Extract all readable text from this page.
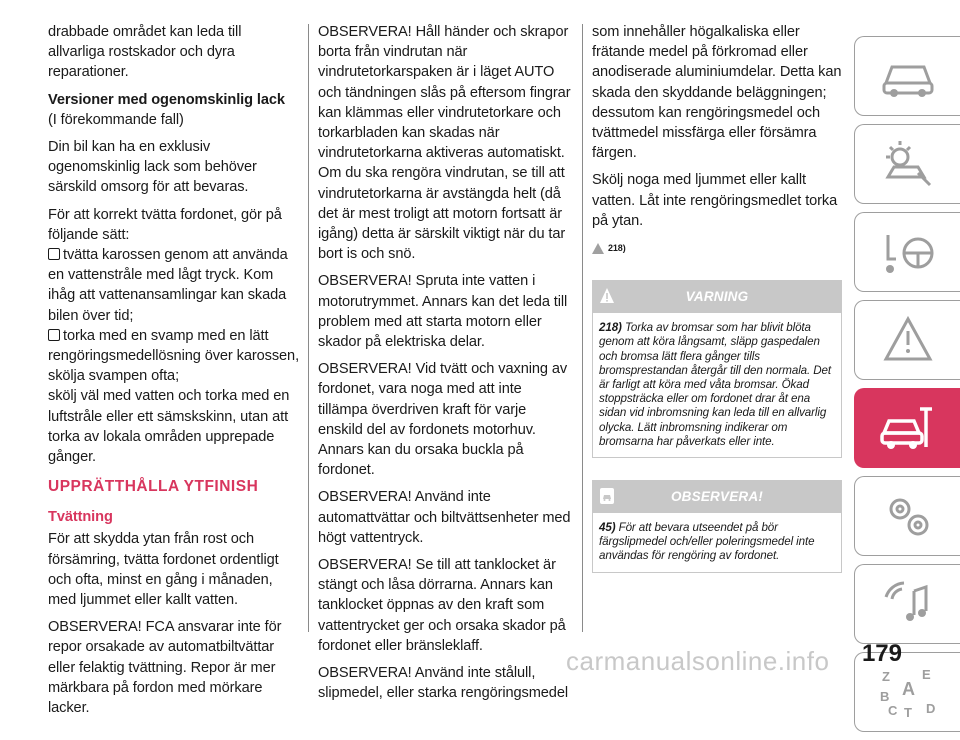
drabbade området kan leda till allvarliga rostskador och dyra reparationer.

Versioner med ogenomskinlig lack

(I förekommande fall)

Din bil kan ha en exklusiv ogenomskinlig lack som behöver särskild omsorg för att bevaras.

För att korrekt tvätta fordonet, gör på följande sätt:

tvätta karossen genom att använda en vattenstråle med lågt tryck. Kom ihåg att vattenansamlingar kan skada bilen över tid;

torka med en svamp med en lätt rengöringsmedellösning över karossen, skölja svampen ofta;

skölj väl med vatten och torka med en luftstråle eller ett sämskskinn, utan att torka av lokala områden upprepade gånger.

UPPRÄTTHÅLLA YTFINISH

Tvättning

För att skydda ytan från rost och försämring, tvätta fordonet ordentligt och ofta, minst en gång i månaden, med ljummet eller kallt vatten.

OBSERVERA! FCA ansvarar inte för repor orsakade av automatbiltvättar eller felaktig tvättning. Repor är mer märkbara på fordon med mörkare lacker.

OBSERVERA! Håll händer och skrapor borta från vindrutan när vindrutetorkarspaken är i läget AUTO och tändningen slås på eftersom fingrar kan klämmas eller vindrutetorkare och torkarbladen kan skadas när vindrutetorkarna aktiveras automatiskt. Om du ska rengöra vindrutan, se till att vindrutetorkarna är avstängda helt (då det är mest troligt att motorn fortsatt är igång) detta är särskilt viktigt när du tar bort is och snö.

OBSERVERA! Spruta inte vatten i motorutrymmet. Annars kan det leda till problem med att starta motorn eller skador på elektriska delar.

OBSERVERA! Vid tvätt och vaxning av fordonet, vara noga med att inte tillämpa överdriven kraft för varje enskild del av fordonets motorhuv. Annars kan du orsaka buckla på fordonet.

OBSERVERA! Använd inte automattvättar och biltvättsenheter med högt vattentryck.

OBSERVERA! Se till att tanklocket är stängt och låsa dörrarna. Annars kan tanklocket öppnas av den kraft som vattentrycket ger och orsaka skador på fordonet eller bränsleklaff.

OBSERVERA! Använd inte stålull, slipmedel, eller starka rengöringsmedel

som innehåller högalkaliska eller frätande medel på förkromad eller anodiserade aluminiumdelar. Detta kan skada den skyddande beläggningen; dessutom kan rengöringsmedel och tvättmedel missfärga eller försämra färgen.

Skölj noga med ljummet eller kallt vatten. Låt inte rengöringsmedlet torka på ytan.

218)

VARNING
218) Torka av bromsar som har blivit blöta genom att köra långsamt, släpp gaspedalen och bromsa lätt flera gånger tills bromsprestandan återgår till den normala. Det är farligt att köra med våta bromsar. Ökad stoppsträcka eller om fordonet drar åt ena sidan vid inbromsning kan leda till en allvarlig olycka. Lätt inbromsning indikerar om bromsarna har påverkats eller inte.
OBSERVERA!
45) För att bevara utseendet på bör färgslipmedel och/eller poleringsmedel inte användas för rengöring av fordonet.
Z E
A
B
C T D
179
carmanualsonline.info
